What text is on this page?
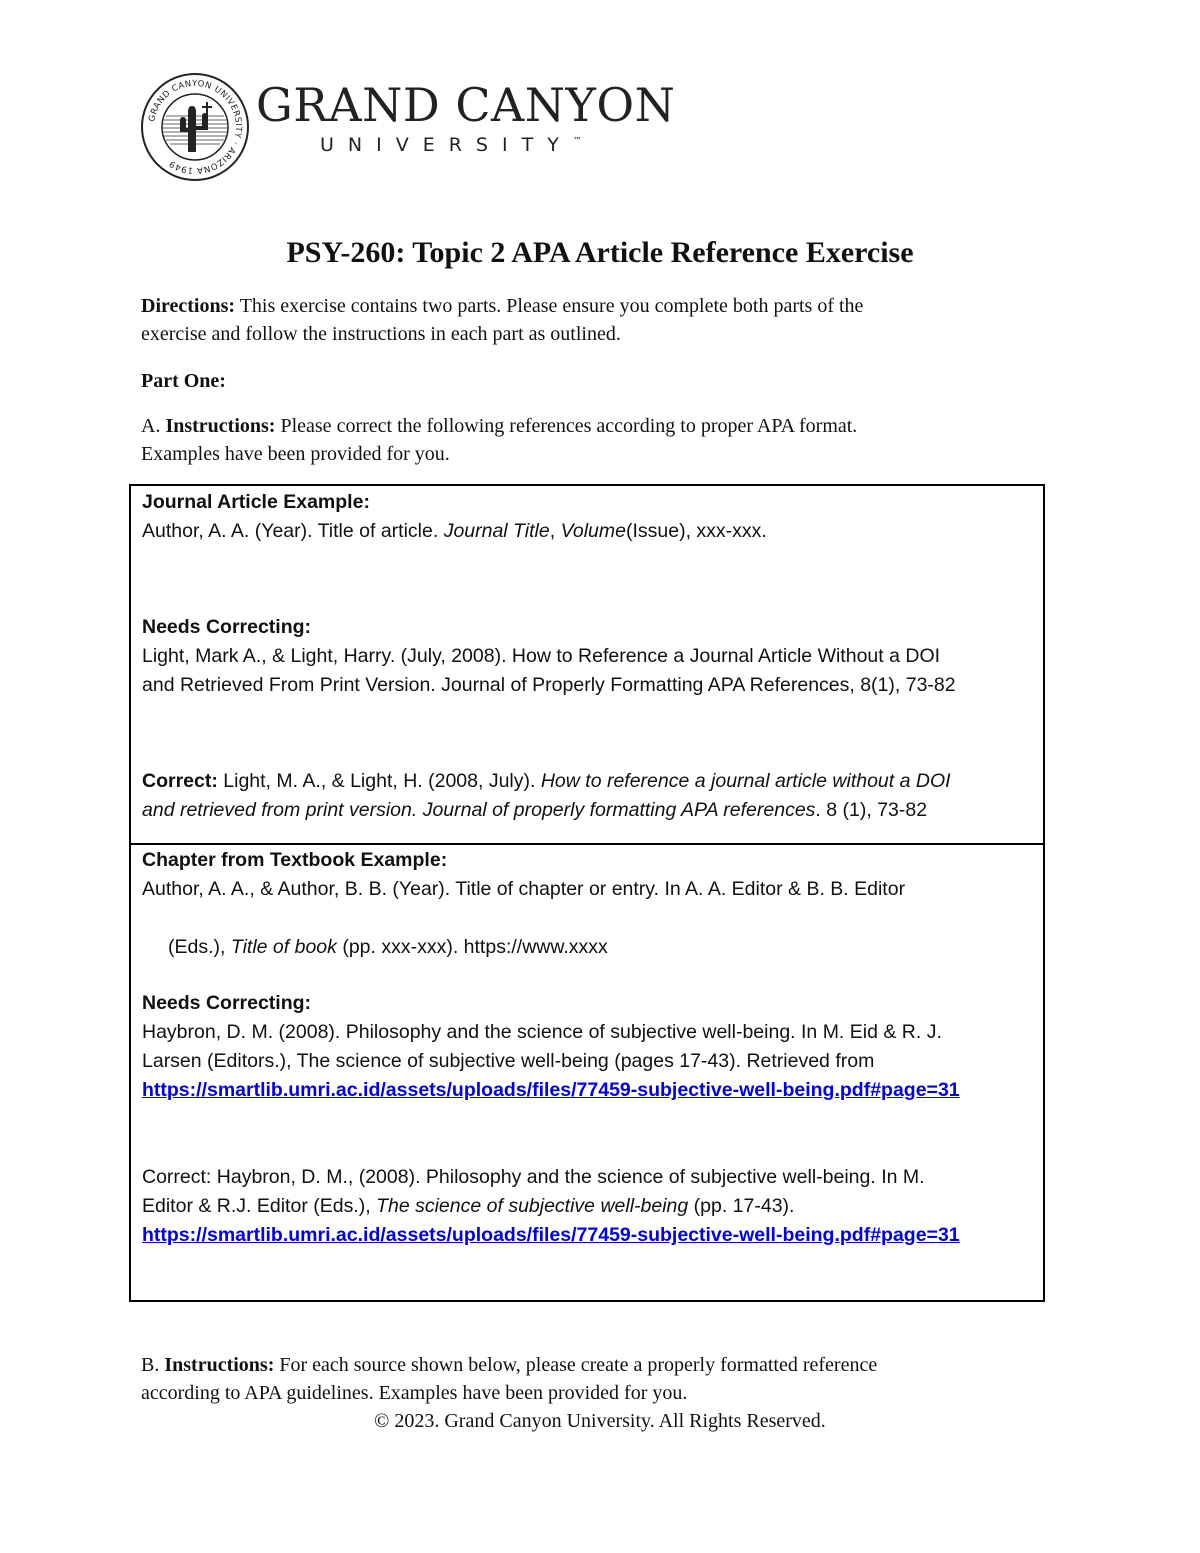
GRAND CANYON UNIVERSITY · ARIZONA 1949
GRAND CANYON
UNIVERSITY™
PSY-260: Topic 2 APA Article Reference Exercise
Directions: This exercise contains two parts. Please ensure you complete both parts of the
exercise and follow the instructions in each part as outlined.
Part One:
A. Instructions: Please correct the following references according to proper APA format.
Examples have been provided for you.
Journal Article Example:
Author, A. A. (Year). Title of article. Journal Title, Volume(Issue), xxx-xxx.
Needs Correcting:
Light, Mark A., & Light, Harry. (July, 2008). How to Reference a Journal Article Without a DOI
and Retrieved From Print Version. Journal of Properly Formatting APA References, 8(1), 73-82
Correct: Light, M. A., & Light, H. (2008, July). How to reference a journal article without a DOI
and retrieved from print version. Journal of properly formatting APA references. 8 (1), 73-82
Chapter from Textbook Example:
Author, A. A., & Author, B. B. (Year). Title of chapter or entry. In A. A. Editor & B. B. Editor
(Eds.), Title of book (pp. xxx-xxx). https://www.xxxx
Needs Correcting:
Haybron, D. M. (2008). Philosophy and the science of subjective well-being. In M. Eid & R. J.
Larsen (Editors.), The science of subjective well-being (pages 17-43). Retrieved from
https://smartlib.umri.ac.id/assets/uploads/files/77459-subjective-well-being.pdf#page=31
Correct: Haybron, D. M., (2008). Philosophy and the science of subjective well-being. In M.
Editor & R.J. Editor (Eds.), The science of subjective well-being (pp. 17-43).
https://smartlib.umri.ac.id/assets/uploads/files/77459-subjective-well-being.pdf#page=31
B. Instructions: For each source shown below, please create a properly formatted reference
according to APA guidelines. Examples have been provided for you.
© 2023. Grand Canyon University. All Rights Reserved.
